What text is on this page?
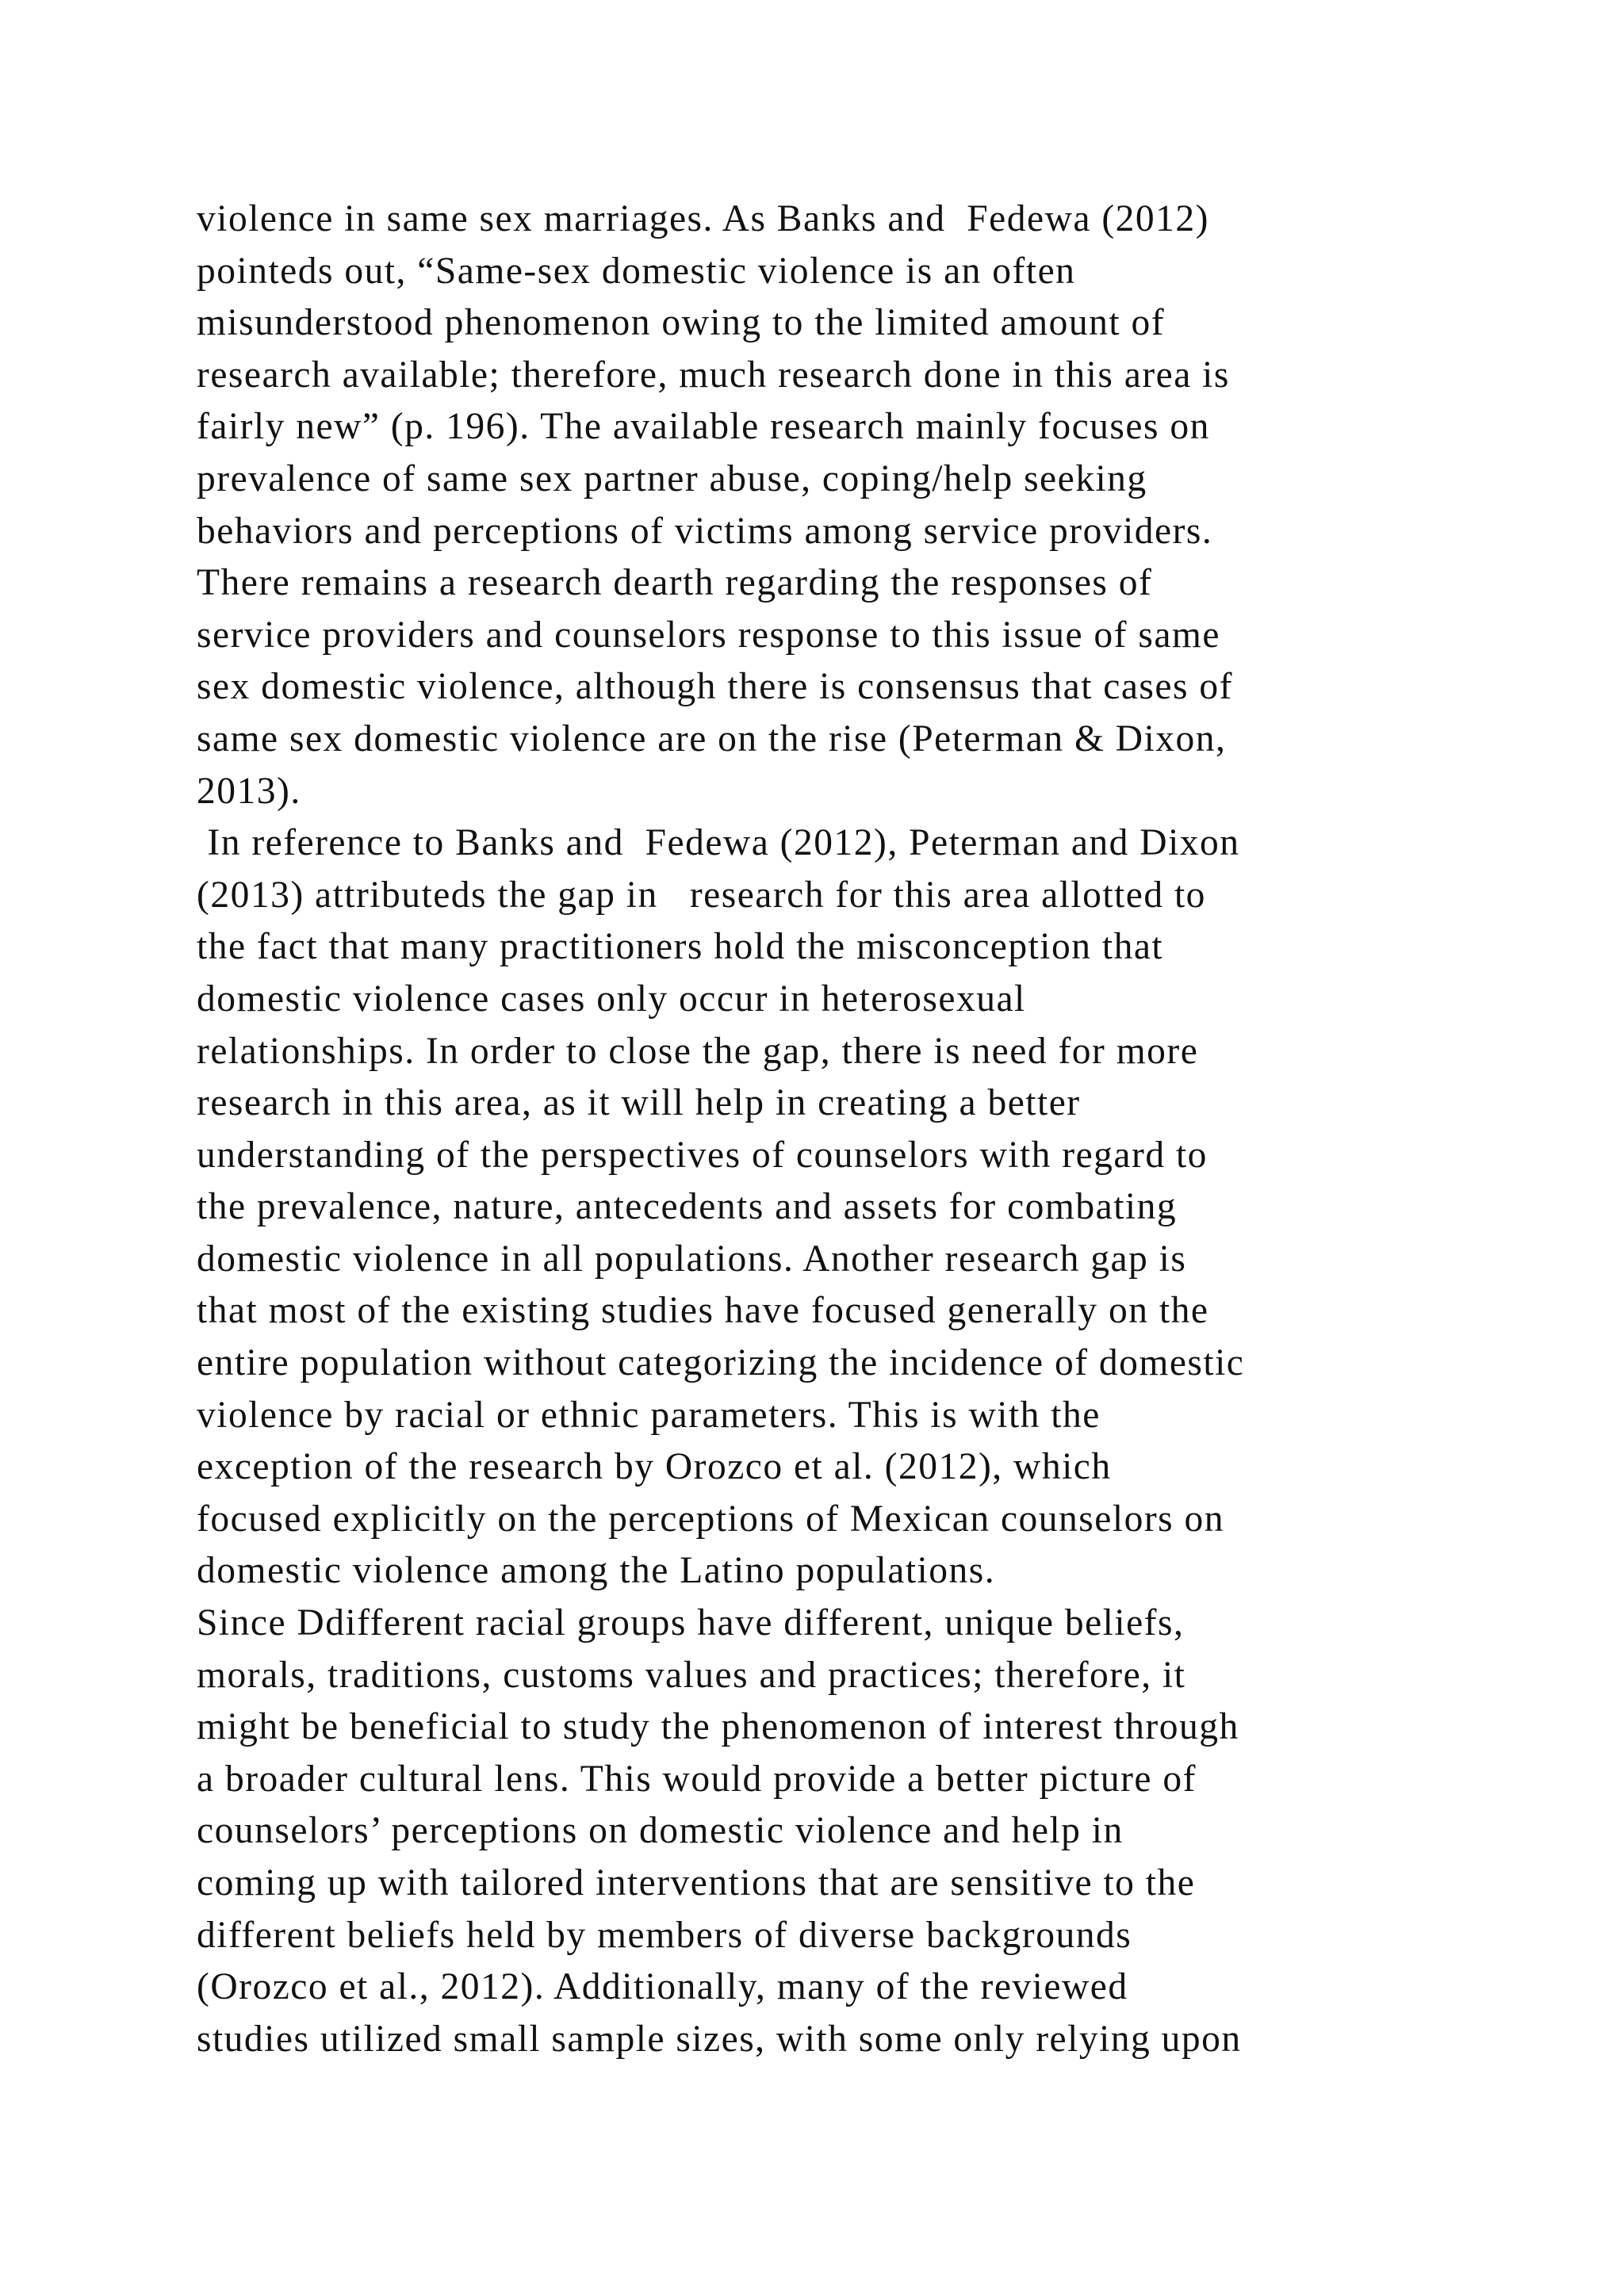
violence in same sex marriages. As Banks and  Fedewa (2012)
pointeds out, “Same-sex domestic violence is an often
misunderstood phenomenon owing to the limited amount of
research available; therefore, much research done in this area is
fairly new” (p. 196). The available research mainly focuses on
prevalence of same sex partner abuse, coping/help seeking
behaviors and perceptions of victims among service providers.
There remains a research dearth regarding the responses of
service providers and counselors response to this issue of same
sex domestic violence, although there is consensus that cases of
same sex domestic violence are on the rise (Peterman & Dixon,
2013).
In reference to Banks and  Fedewa (2012), Peterman and Dixon
(2013) attributeds the gap in   research for this area allotted to
the fact that many practitioners hold the misconception that
domestic violence cases only occur in heterosexual
relationships. In order to close the gap, there is need for more
research in this area, as it will help in creating a better
understanding of the perspectives of counselors with regard to
the prevalence, nature, antecedents and assets for combating
domestic violence in all populations. Another research gap is
that most of the existing studies have focused generally on the
entire population without categorizing the incidence of domestic
violence by racial or ethnic parameters. This is with the
exception of the research by Orozco et al. (2012), which
focused explicitly on the perceptions of Mexican counselors on
domestic violence among the Latino populations.
Since Ddifferent racial groups have different, unique beliefs,
morals, traditions, customs values and practices; therefore, it
might be beneficial to study the phenomenon of interest through
a broader cultural lens. This would provide a better picture of
counselors’ perceptions on domestic violence and help in
coming up with tailored interventions that are sensitive to the
different beliefs held by members of diverse backgrounds
(Orozco et al., 2012). Additionally, many of the reviewed
studies utilized small sample sizes, with some only relying upon
